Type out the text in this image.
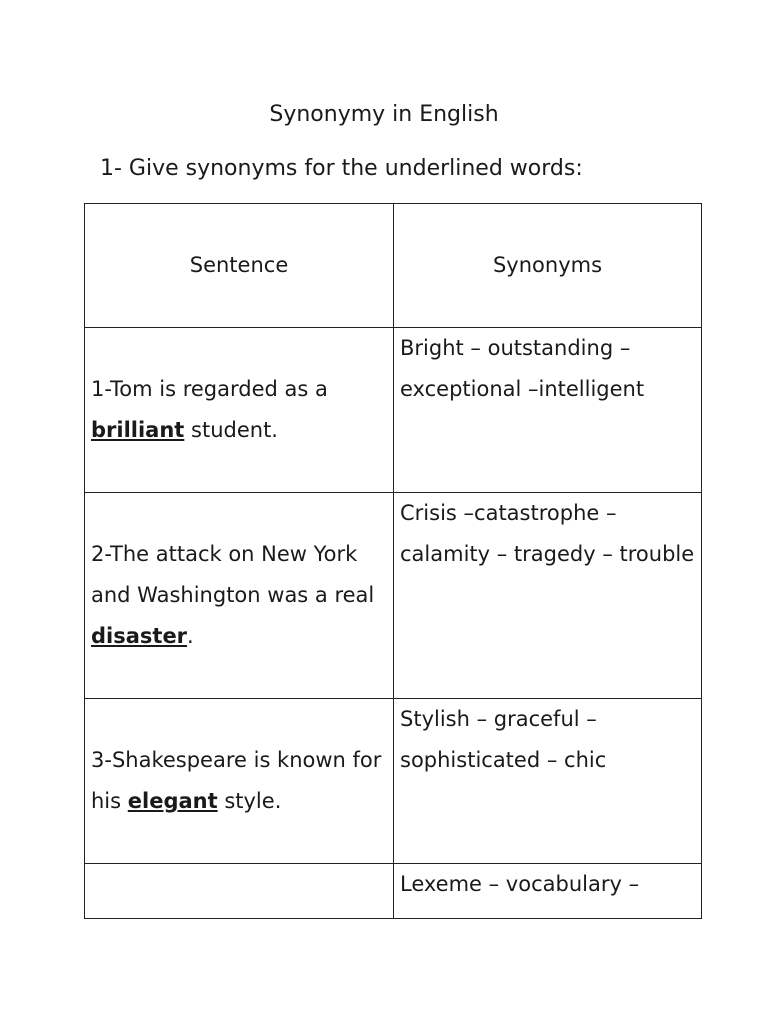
Synonymy in English
1- Give synonyms for the underlined words:
Sentence	Synonyms

1-Tom is regarded as a brilliant student.	Bright – outstanding – exceptional –intelligent

2-The attack on New York and Washington was a real disaster.	Crisis –catastrophe – calamity – tragedy – trouble

3-Shakespeare is known for his elegant style.	Stylish – graceful – sophisticated – chic

	Lexeme – vocabulary –
